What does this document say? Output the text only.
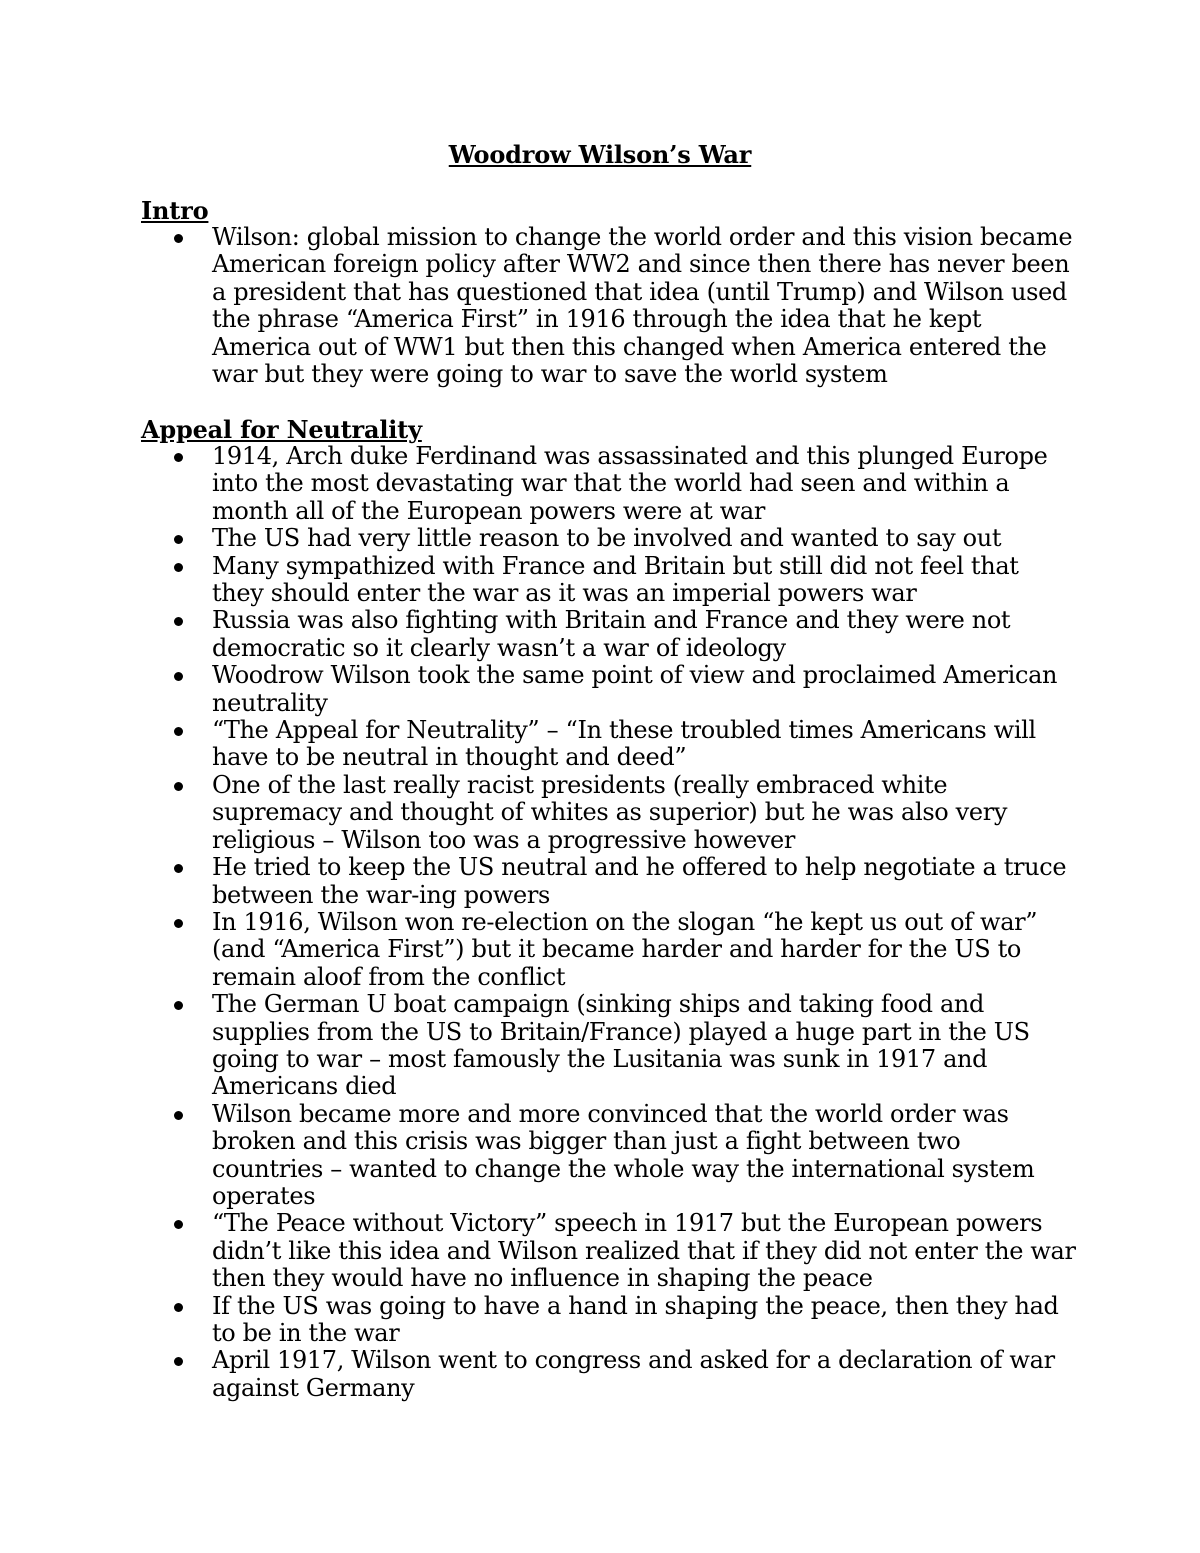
Woodrow Wilson’s War
Intro
Wilson: global mission to change the world order and this vision became American foreign policy after WW2 and since then there has never been a president that has questioned that idea (until Trump) and Wilson used the phrase “America First” in 1916 through the idea that he kept America out of WW1 but then this changed when America entered the war but they were going to war to save the world system
Appeal for Neutrality
1914, Arch duke Ferdinand was assassinated and this plunged Europe into the most devastating war that the world had seen and within a month all of the European powers were at war
The US had very little reason to be involved and wanted to say out
Many sympathized with France and Britain but still did not feel that they should enter the war as it was an imperial powers war
Russia was also fighting with Britain and France and they were not democratic so it clearly wasn’t a war of ideology
Woodrow Wilson took the same point of view and proclaimed American neutrality
“The Appeal for Neutrality” – “In these troubled times Americans will have to be neutral in thought and deed”
One of the last really racist presidents (really embraced white supremacy and thought of whites as superior) but he was also very religious – Wilson too was a progressive however
He tried to keep the US neutral and he offered to help negotiate a truce between the war-ing powers
In 1916, Wilson won re-election on the slogan “he kept us out of war” (and “America First”) but it became harder and harder for the US to remain aloof from the conflict
The German U boat campaign (sinking ships and taking food and supplies from the US to Britain/France) played a huge part in the US going to war – most famously the Lusitania was sunk in 1917 and Americans died
Wilson became more and more convinced that the world order was broken and this crisis was bigger than just a fight between two countries – wanted to change the whole way the international system operates
“The Peace without Victory” speech in 1917 but the European powers didn’t like this idea and Wilson realized that if they did not enter the war then they would have no influence in shaping the peace
If the US was going to have a hand in shaping the peace, then they had to be in the war
April 1917, Wilson went to congress and asked for a declaration of war against Germany
